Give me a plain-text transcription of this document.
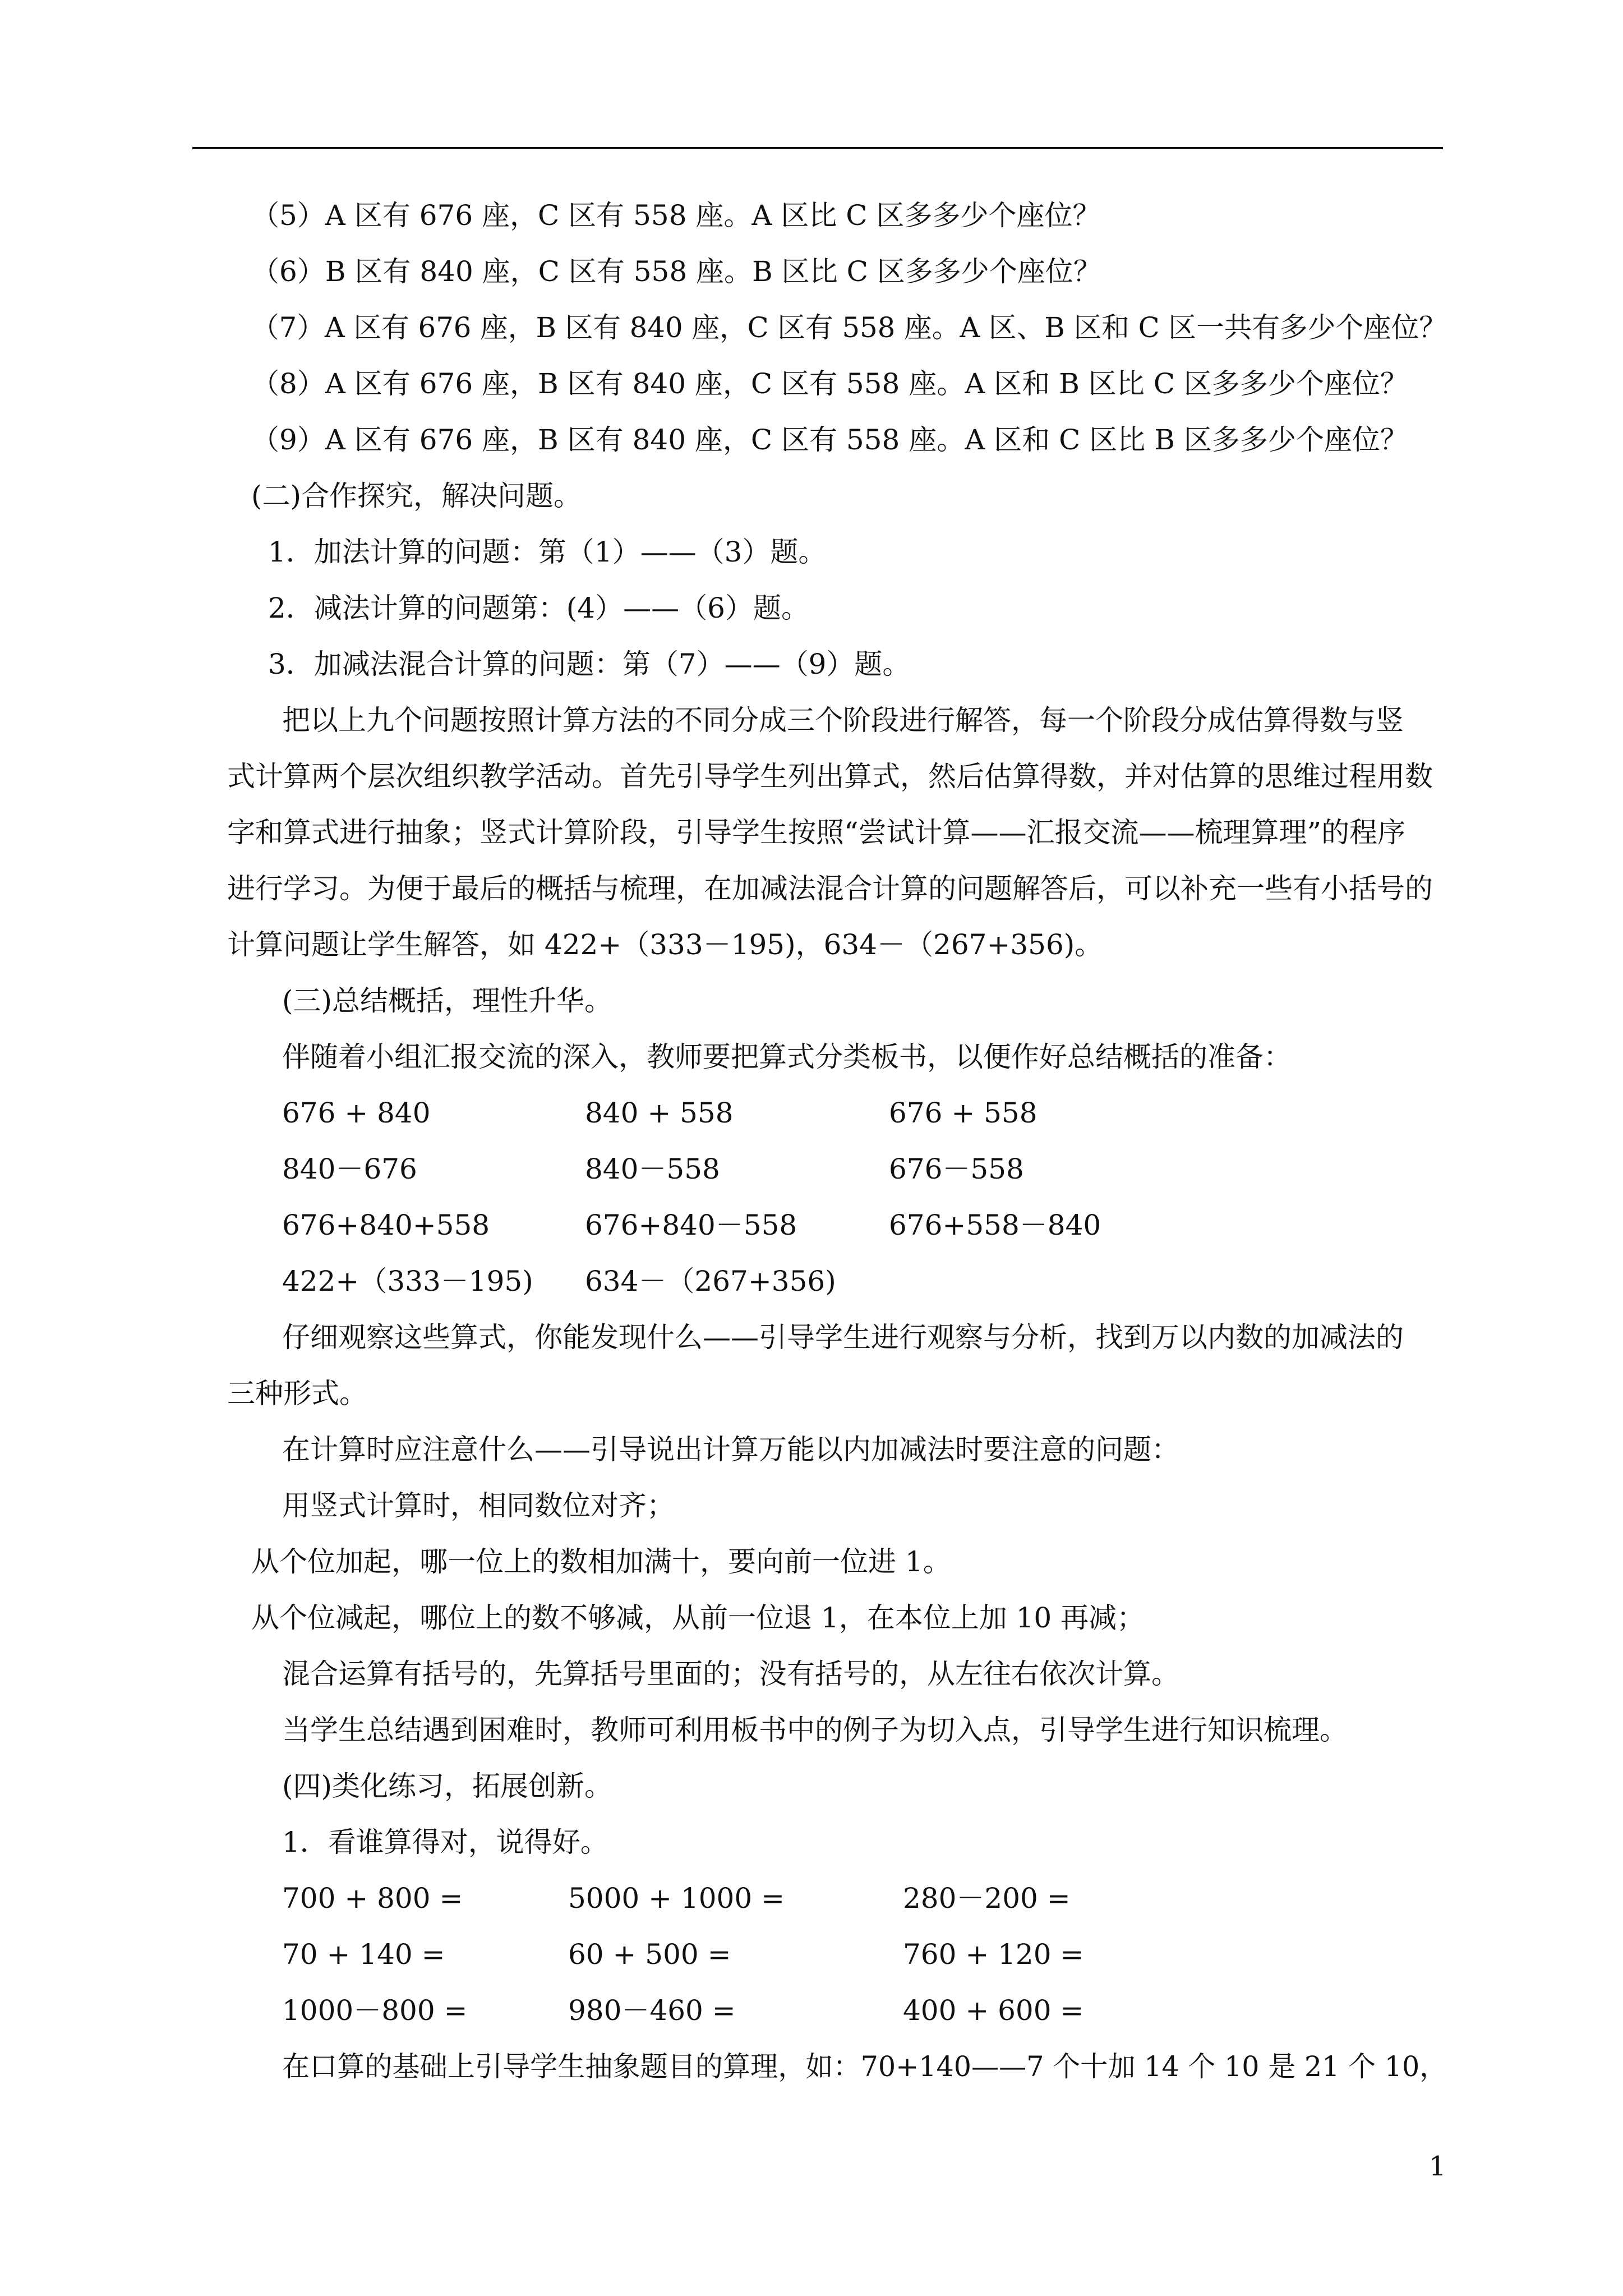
（5）A 区有 676 座，C 区有 558 座。A 区比 C 区多多少个座位？
（6）B 区有 840 座，C 区有 558 座。B 区比 C 区多多少个座位？
（7）A 区有 676 座，B 区有 840 座，C 区有 558 座。A 区、B 区和 C 区一共有多少个座位？
（8）A 区有 676 座，B 区有 840 座，C 区有 558 座。A 区和 B 区比 C 区多多少个座位？
（9）A 区有 676 座，B 区有 840 座，C 区有 558 座。A 区和 C 区比 B 区多多少个座位？
(二)合作探究，解决问题。
1．加法计算的问题：第（1）——（3）题。
2．减法计算的问题第：(4）——（6）题。
3．加减法混合计算的问题：第（7）——（9）题。
把以上九个问题按照计算方法的不同分成三个阶段进行解答，每一个阶段分成估算得数与竖
式计算两个层次组织教学活动。首先引导学生列出算式，然后估算得数，并对估算的思维过程用数
字和算式进行抽象；竖式计算阶段，引导学生按照“尝试计算——汇报交流——梳理算理”的程序
进行学习。为便于最后的概括与梳理，在加减法混合计算的问题解答后，可以补充一些有小括号的
计算问题让学生解答，如 422+（333－195)，634－（267+356)。
(三)总结概括，理性升华。
伴随着小组汇报交流的深入，教师要把算式分类板书，以便作好总结概括的准备：
676 + 840	840 + 558	676 + 558
840－676	840－558	676－558
676+840+558	676+840－558	676+558－840
422+（333－195) 634－（267+356)
仔细观察这些算式，你能发现什么——引导学生进行观察与分析，找到万以内数的加减法的
三种形式。
在计算时应注意什么——引导说出计算万能以内加减法时要注意的问题：
用竖式计算时，相同数位对齐；
从个位加起，哪一位上的数相加满十，要向前一位进 1。
从个位减起，哪位上的数不够减，从前一位退 1，在本位上加 10 再减；
混合运算有括号的，先算括号里面的；没有括号的，从左往右依次计算。
当学生总结遇到困难时，教师可利用板书中的例子为切入点，引导学生进行知识梳理。
(四)类化练习，拓展创新。
1．看谁算得对，说得好。
700 + 800 =	5000 + 1000 =	280－200 =
70 + 140 =	60 + 500 =	760 + 120 =
1000－800 =	980－460 =	400 + 600 =
在口算的基础上引导学生抽象题目的算理，如：70+140——7 个十加 14 个 10 是 21 个 10，
1
